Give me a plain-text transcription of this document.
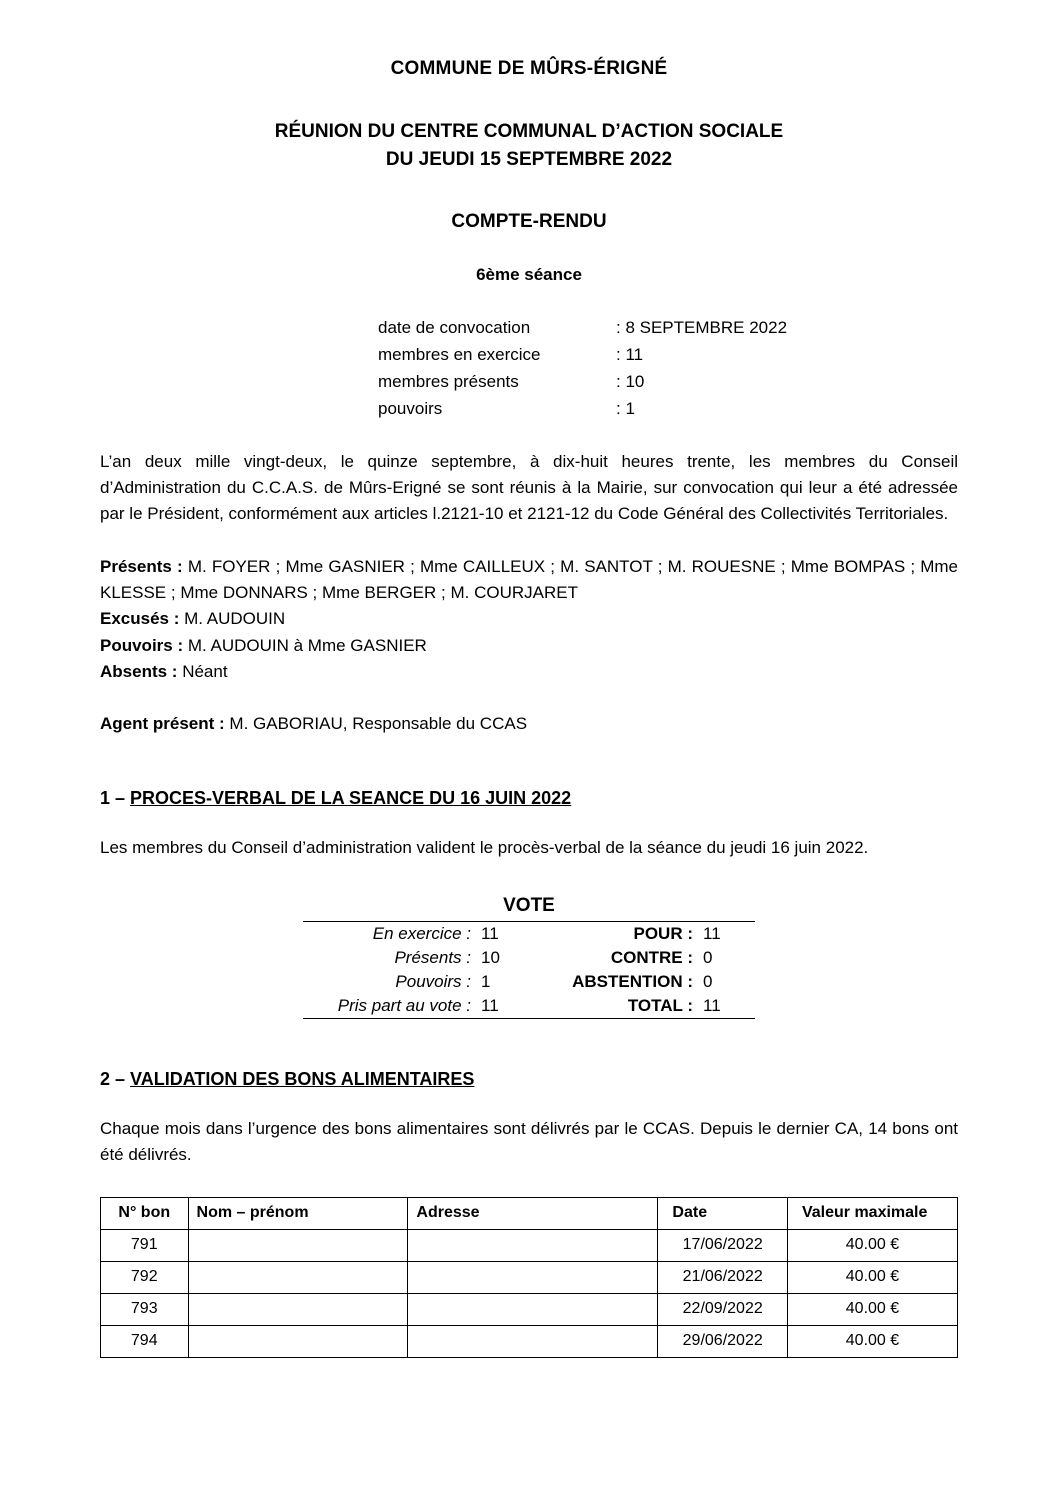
COMMUNE DE MÛRS-ÉRIGNÉ

RÉUNION DU CENTRE COMMUNAL D’ACTION SOCIALE
DU JEUDI 15 SEPTEMBRE 2022

COMPTE-RENDU

6ème séance

date de convocation	: 8 SEPTEMBRE 2022
membres en exercice	: 11
membres présents	: 10
pouvoirs	: 1

L’an deux mille vingt-deux, le quinze septembre, à dix-huit heures trente, les membres du Conseil d’Administration du C.C.A.S. de Mûrs-Erigné se sont réunis à la Mairie, sur convocation qui leur a été adressée par le Président, conformément aux articles l.2121-10 et 2121-12 du Code Général des Collectivités Territoriales.

Présents : M. FOYER ; Mme GASNIER ; Mme CAILLEUX ; M. SANTOT ; M. ROUESNE ; Mme BOMPAS ; Mme KLESSE ; Mme DONNARS ; Mme BERGER ; M. COURJARET
Excusés : M. AUDOUIN
Pouvoirs : M. AUDOUIN à Mme GASNIER
Absents : Néant
Agent présent : M. GABORIAU, Responsable du CCAS
1 – PROCES-VERBAL DE LA SEANCE DU 16 JUIN 2022

Les membres du Conseil d’administration valident le procès-verbal de la séance du jeudi 16 juin 2022.

VOTE
En exercice :	11	POUR :	11
Présents :	10	CONTRE :	0
Pouvoirs :	1	ABSTENTION :	0
Pris part au vote :	11	TOTAL :	11
2 – VALIDATION DES BONS ALIMENTAIRES

Chaque mois dans l’urgence des bons alimentaires sont délivrés par le CCAS. Depuis le dernier CA, 14 bons ont été délivrés.

N° bon	Nom – prénom	Adresse	Date	Valeur maximale
791			17/06/2022	40.00 €
792			21/06/2022	40.00 €
793			22/09/2022	40.00 €
794			29/06/2022	40.00 €
